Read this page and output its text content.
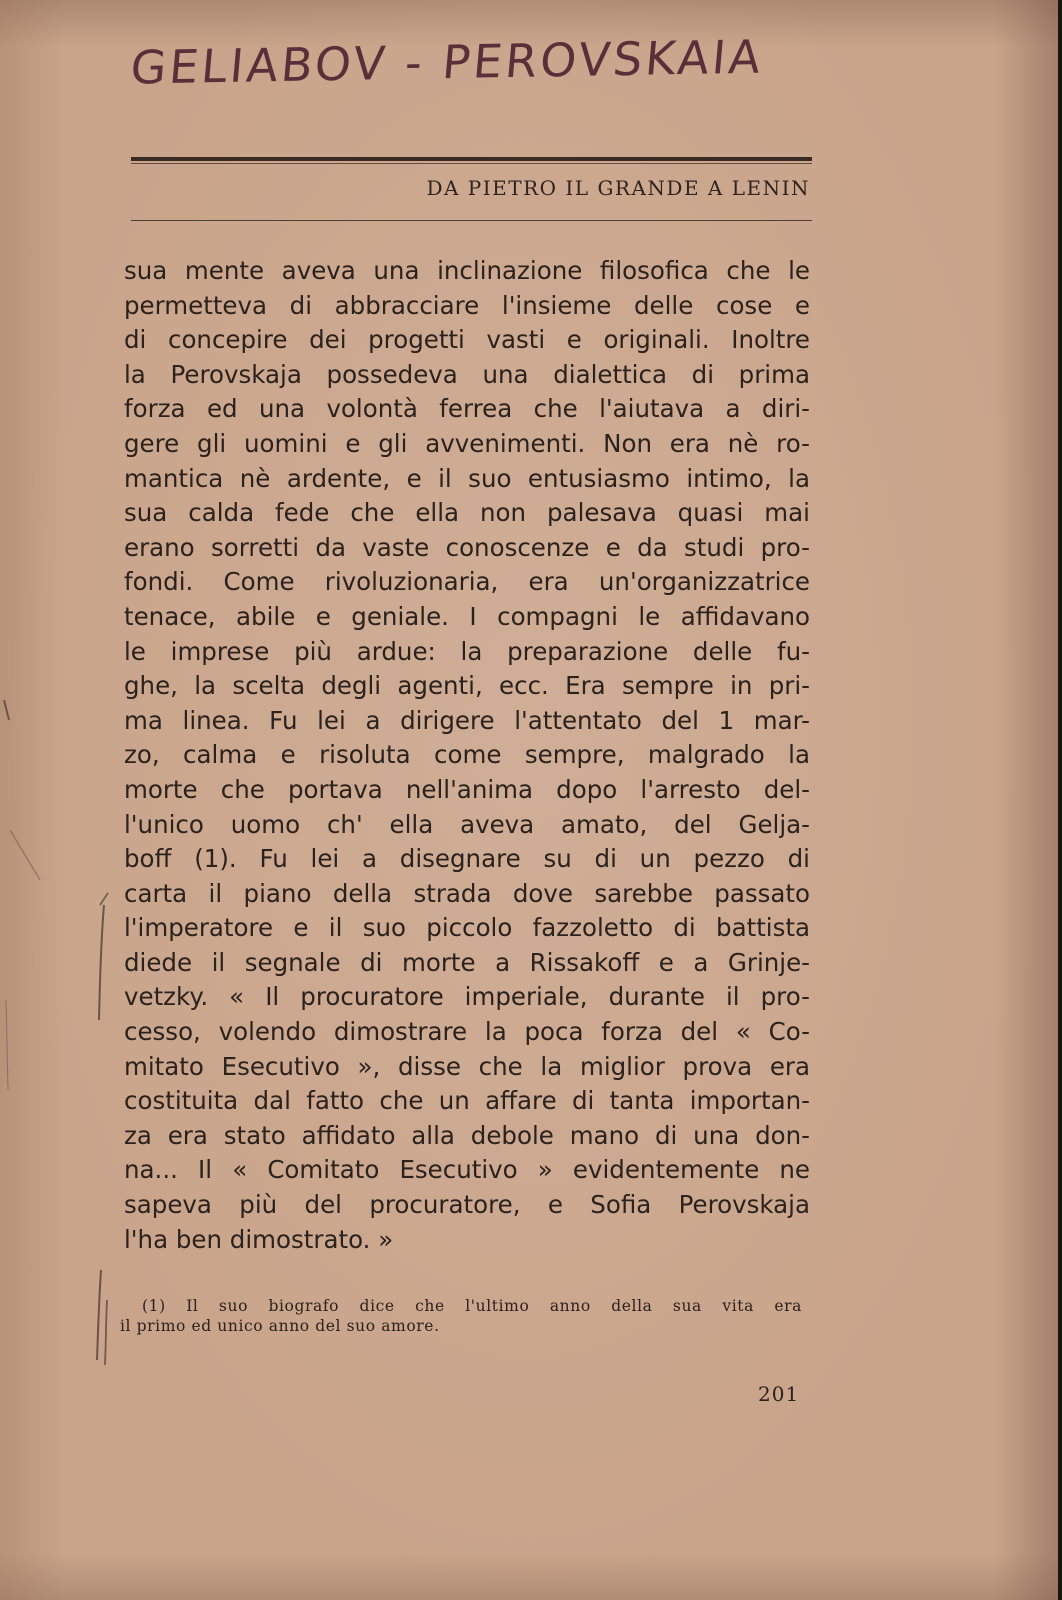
GELIABOV - PEROVSKAIA
DA PIETRO IL GRANDE A LENIN
sua mente aveva una inclinazione filosofica che le
permetteva di abbracciare l'insieme delle cose e
di concepire dei progetti vasti e originali. Inoltre
la Perovskaja possedeva una dialettica di prima
forza ed una volontà ferrea che l'aiutava a diri-
gere gli uomini e gli avvenimenti. Non era nè ro-
mantica nè ardente, e il suo entusiasmo intimo, la
sua calda fede che ella non palesava quasi mai
erano sorretti da vaste conoscenze e da studi pro-
fondi. Come rivoluzionaria, era un'organizzatrice
tenace, abile e geniale. I compagni le affidavano
le imprese più ardue: la preparazione delle fu-
ghe, la scelta degli agenti, ecc. Era sempre in pri-
ma linea. Fu lei a dirigere l'attentato del 1 mar-
zo, calma e risoluta come sempre, malgrado la
morte che portava nell'anima dopo l'arresto del-
l'unico uomo ch' ella aveva amato, del Gelja-
boff (1). Fu lei a disegnare su di un pezzo di
carta il piano della strada dove sarebbe passato
l'imperatore e il suo piccolo fazzoletto di battista
diede il segnale di morte a Rissakoff e a Grinje-
vetzky. « Il procuratore imperiale, durante il pro-
cesso, volendo dimostrare la poca forza del « Co-
mitato Esecutivo », disse che la miglior prova era
costituita dal fatto che un affare di tanta importan-
za era stato affidato alla debole mano di una don-
na... Il « Comitato Esecutivo » evidentemente ne
sapeva più del procuratore, e Sofia Perovskaja
l'ha ben dimostrato. »
(1) Il suo biografo dice che l'ultimo anno della sua vita era
il primo ed unico anno del suo amore.
201
